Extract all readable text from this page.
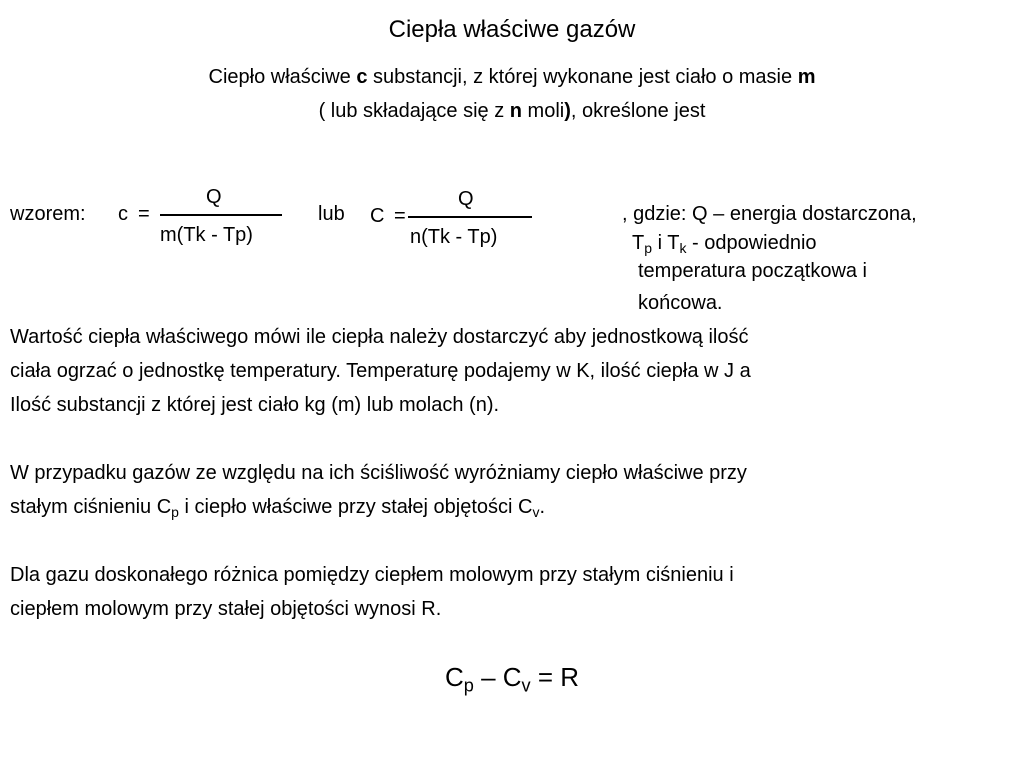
Ciepła właściwe gazów
Ciepło właściwe c substancji, z której wykonane jest ciało o masie m
( lub składające się z n moli), określone jest
wzorem: c =
Q
m(Tk - Tp)
lub C =
Q
n(Tk - Tp)
, gdzie: Q – energia dostarczona,
$T_p$ i $T_k$ - odpowiednio
temperatura początkowa i
końcowa.
Wartość ciepła właściwego mówi ile ciepła należy dostarczyć aby jednostkową ilość
ciała ogrzać o jednostkę temperatury. Temperaturę podajemy w K, ilość ciepła w J a
Ilość substancji z której jest ciało kg (m) lub molach (n).
W przypadku gazów ze względu na ich ściśliwość wyróżniamy ciepło właściwe przy
stałym ciśnieniu $C_p$ i ciepło właściwe przy stałej objętości $C_v$.
Dla gazu doskonałego różnica pomiędzy ciepłem molowym przy stałym ciśnieniu i
ciepłem molowym przy stałej objętości wynosi R.
$C_p - C_v = R$
